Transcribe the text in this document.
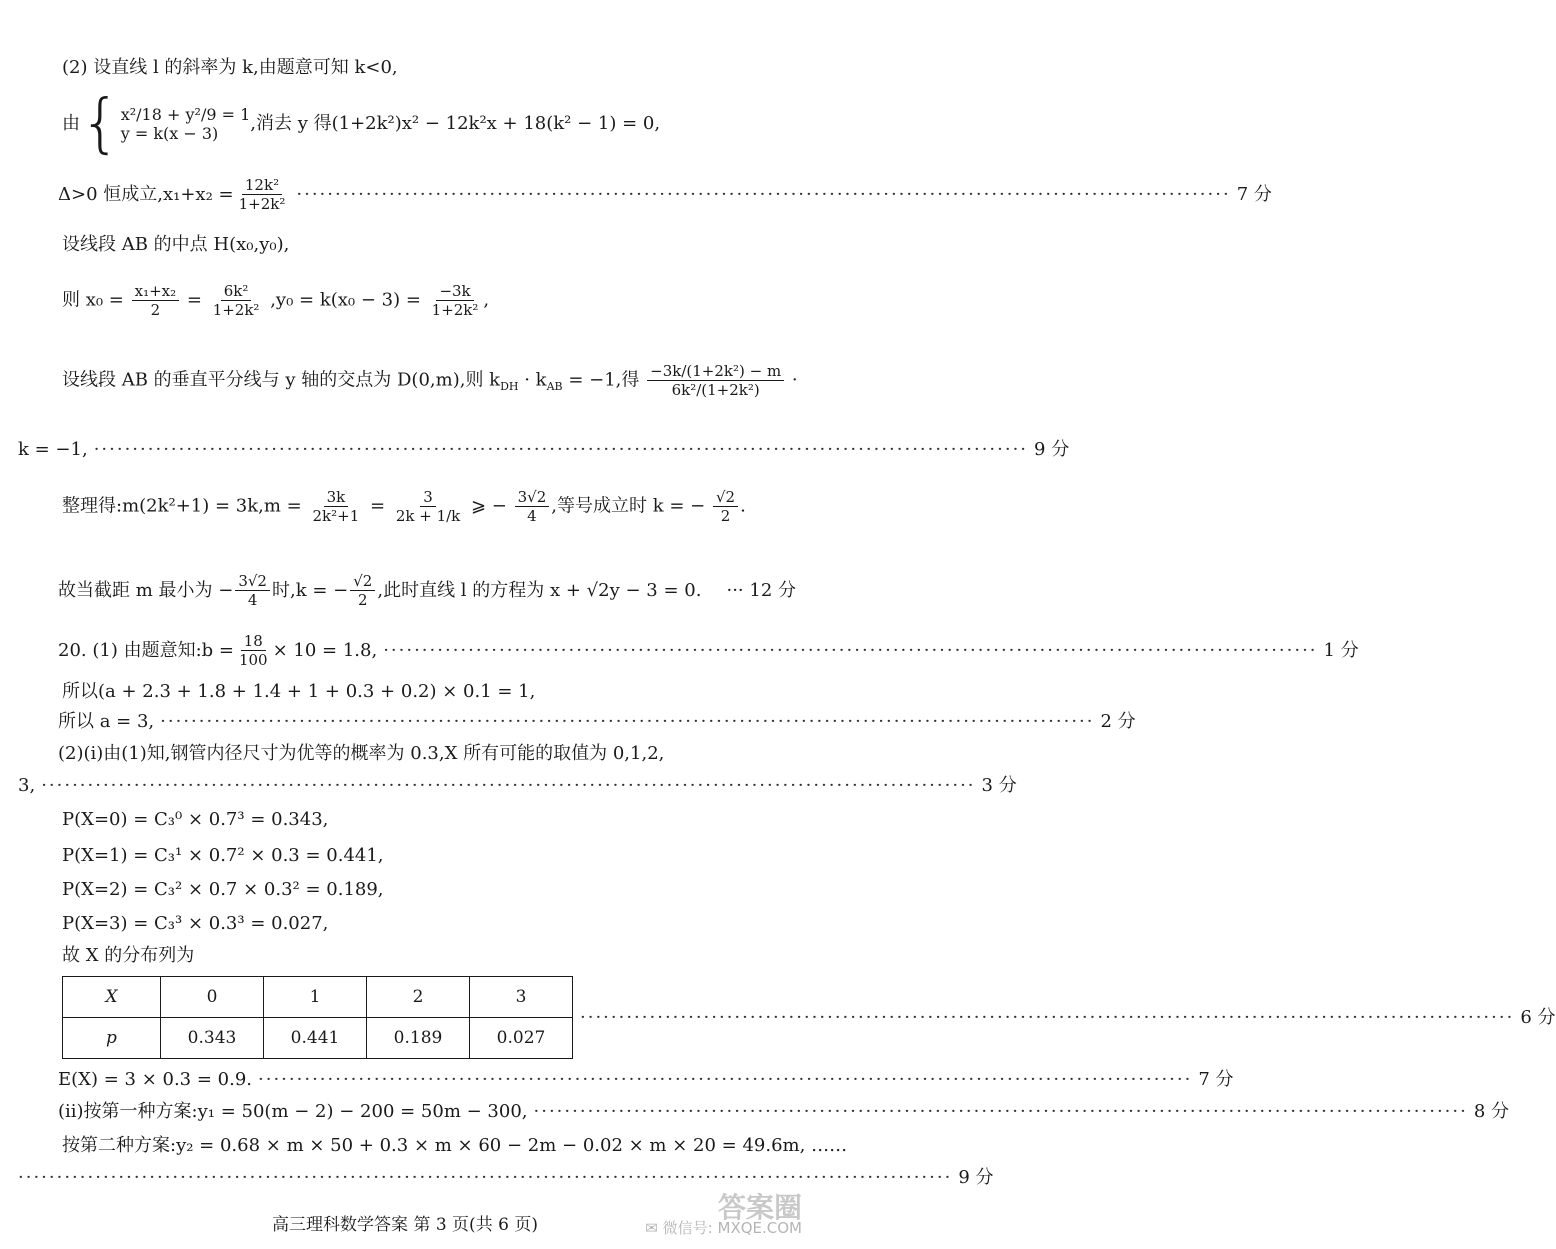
(2) 设直线 l 的斜率为 k,由题意可知 k<0,
由{ x²/18 + y²/9 = 1
y = k(x − 3)	,消去 y 得(1+2k²)x² − 12k²x + 18(k² − 1) = 0,
Δ>0 恒成立$,x_1+x_2 = \frac{\text{12k²}}{\text{1+2k²}}$ ·····	7 分
设线段 AB 的中点 H(x₀,y₀),
则 $x_0 = \frac{\text{x₁+x₂}}{2} = \frac{\text{6k²}}{\text{1+2k²}} ,y_0 = k(x_0 - 3) = \frac{-3k}{\text{1+2k²}}$ ,
设线段 AB 的垂直平分线与 y 轴的交点为 D(0,m),则 $k_{DH} \cdot k_{AB} = -1$,得 $\frac{\text{−3k/(1+2k²) − m}}{\text{6k²/(1+2k²)}}$ ·
k = −1, ·····	9 分
整理得:m(2k²+1) = $3k,m = \frac{3k}{\text{2k²+1}} = \frac{3}{2k + 1/k}$ ⩾ − $\frac{3√2}{4}$ ,等号成立时 k = − $\frac{√2}{2}$ .
故当截距 m 最小为 − $\frac{3√2}{4}$ 时,k = − $\frac{√2}{2}$ ,此时直线 l 的方程为 x + √2y − 3 = 0. ··· 12 分
20. (1) 由题意知:b = $\frac{18}{100} \times 10 = 1.8$, ·····	1 分
所以(a + 2.3 + 1.8 + 1.4 + 1 + 0.3 + 0.2) × 0.1 = 1,
所以 a = 3, ·····	2 分
(2)(ⅰ)由(1)知,钢管内径尺寸为优等的概率为 0.3,X 所有可能的取值为 0,1,2,
3, ·····	3 分
P(X=0) = C₃⁰ × 0.7³ = 0.343,
P(X=1) = C₃¹ × 0.7² × 0.3 = 0.441,
P(X=2) = C₃² × 0.7 × 0.3² = 0.189,
P(X=3) = C₃³ × 0.3³ = 0.027,
故 X 的分布列为
X	0	1	2	3
p	0.343	0.441	0.189	0.027
·····
6 分
E(X) = 3 × 0.3 = 0.9. ·····	7 分
(ⅱ)按第一种方案:y₁ = 50(m − 2) − 200 = 50m − 300, ·····	8 分
按第二种方案:y₂ = 0.68 × m × 50 + 0.3 × m × 60 − 2m − 0.02 × m × 20 = 49.6m, ……
·····
9 分
高三理科数学答案 第 3 页(共 6 页)
答案圈
✉ 微信号: MXQE.COM
